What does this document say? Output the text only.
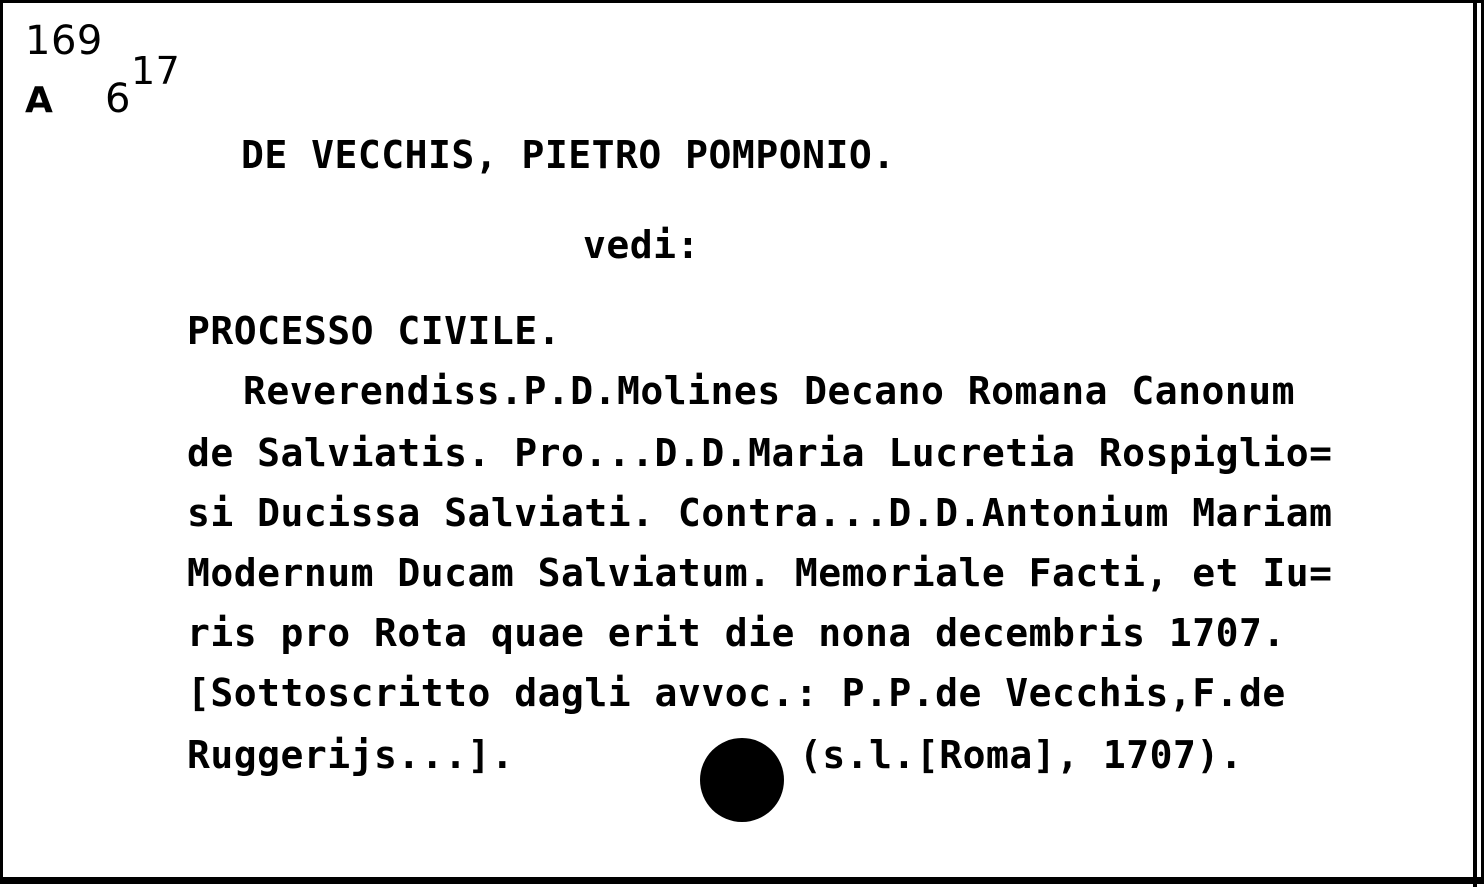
169
A 6
17
DE VECCHIS, PIETRO POMPONIO.
vedi:
PROCESSO CIVILE.
Reverendiss.P.D.Molines Decano Romana Canonum
de Salviatis. Pro...D.D.Maria Lucretia Rospiglio=
si Ducissa Salviati. Contra...D.D.Antonium Mariam
Modernum Ducam Salviatum. Memoriale Facti, et Iu=
ris pro Rota quae erit die nona decembris 1707.
[Sottoscritto dagli avvoc.: P.P.de Vecchis,F.de
Ruggerijs...].	(s.l.[Roma], 1707).
